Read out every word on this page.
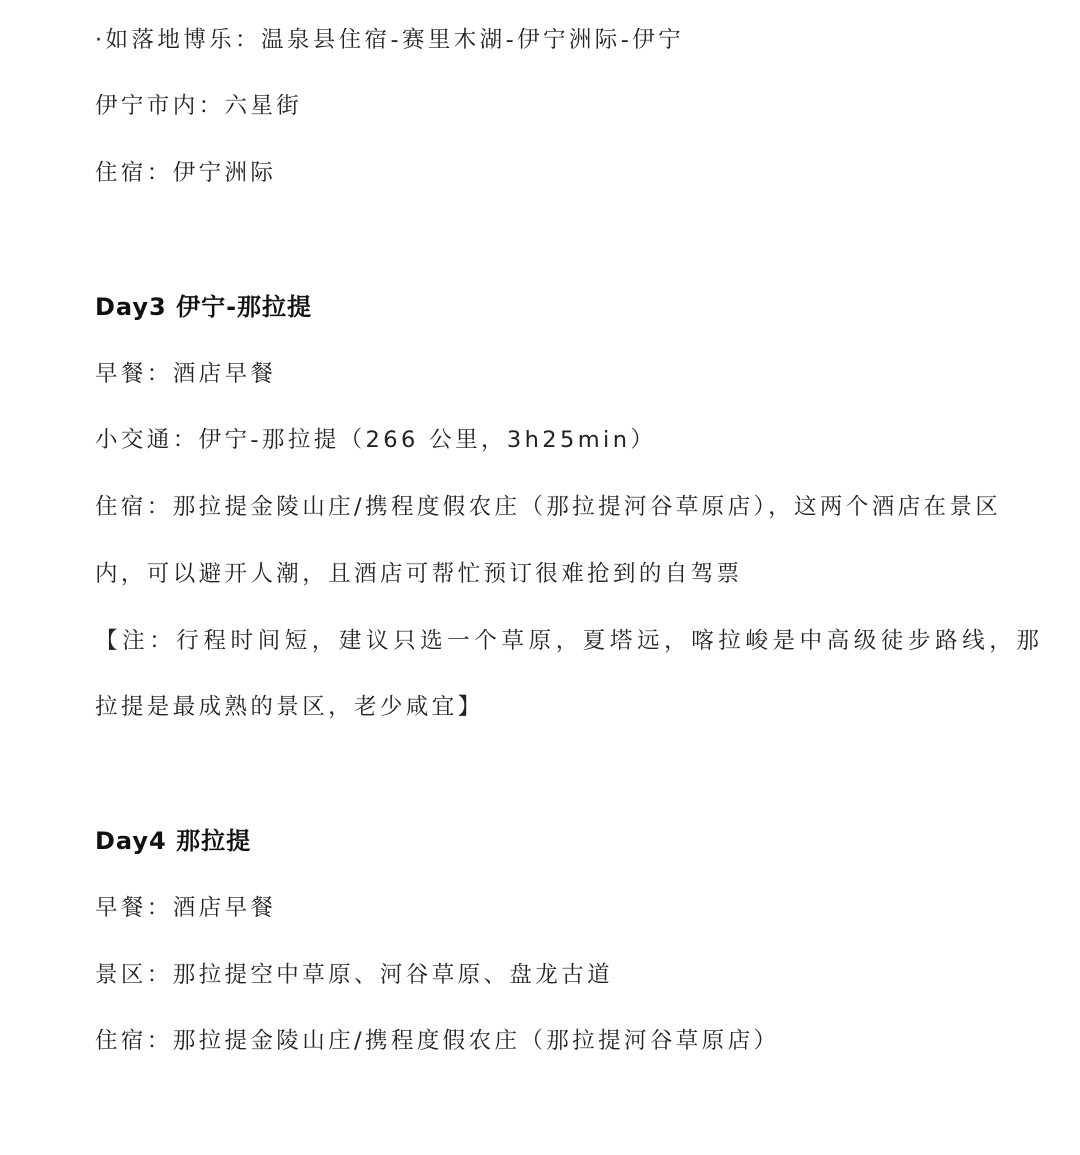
·如落地博乐：温泉县住宿-赛里木湖-伊宁洲际-伊宁
伊宁市内：六星街
住宿：伊宁洲际
Day3 伊宁-那拉提
早餐：酒店早餐
小交通：伊宁-那拉提（266 公里，3h25min）
住宿：那拉提金陵山庄/携程度假农庄（那拉提河谷草原店），这两个酒店在景区
内，可以避开人潮，且酒店可帮忙预订很难抢到的自驾票
【注：行程时间短，建议只选一个草原，夏塔远，喀拉峻是中高级徒步路线，那
拉提是最成熟的景区，老少咸宜】
Day4 那拉提
早餐：酒店早餐
景区：那拉提空中草原、河谷草原、盘龙古道
住宿：那拉提金陵山庄/携程度假农庄（那拉提河谷草原店）
